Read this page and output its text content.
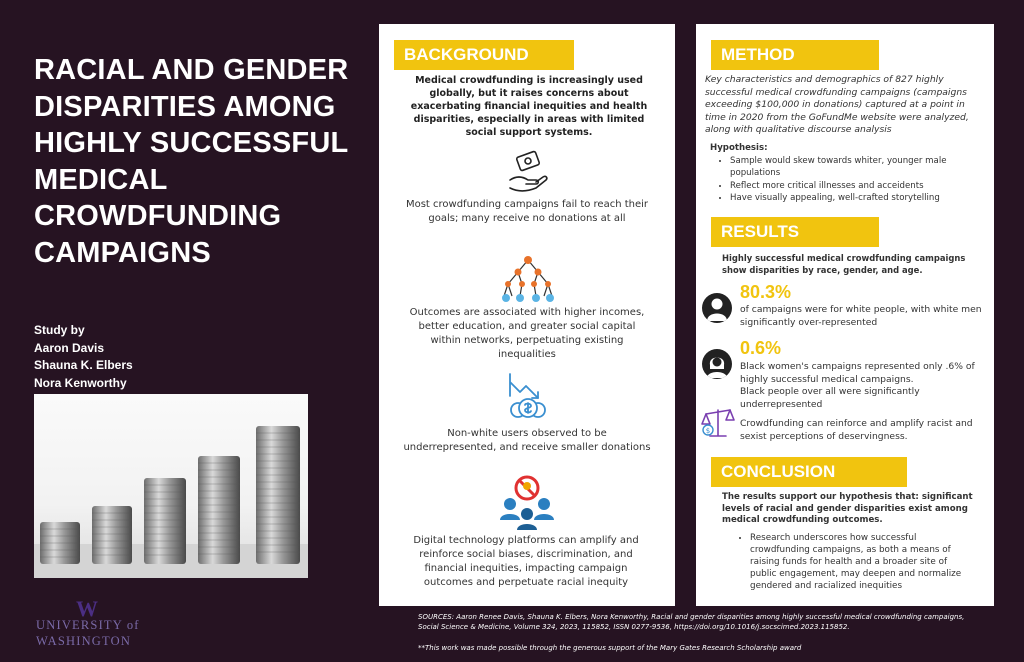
RACIAL AND GENDER DISPARITIES AMONG HIGHLY SUCCESSFUL MEDICAL CROWDFUNDING CAMPAIGNS
Study by
Aaron Davis
Shauna K. Elbers
Nora Kenworthy
W
UNIVERSITY of
WASHINGTON
BACKGROUND
Medical crowdfunding is increasingly used globally, but it raises concerns about exacerbating financial inequities and health disparities, especially in areas with limited social support systems.
Most crowdfunding campaigns fail to reach their goals; many receive no donations at all
Outcomes are associated with higher incomes, better education, and greater social capital within networks, perpetuating existing inequalities
Non-white users observed to be underrepresented, and receive smaller donations
Digital technology platforms can amplify and reinforce social biases, discrimination, and financial inequities, impacting campaign outcomes and perpetuate racial inequity
METHOD
Key characteristics and demographics of 827 highly successful medical crowdfunding campaigns (campaigns exceeding $100,000 in donations) captured at a point in time in 2020 from the GoFundMe website were analyzed, along with qualitative discourse analysis
Hypothesis:
• Sample would skew towards whiter, younger male populations
• Reflect more critical illnesses and acceidents
• Have visually appealing, well-crafted storytelling
RESULTS
Highly successful medical crowdfunding campaigns show disparities by race, gender, and age.
80.3%
of campaigns were for white people, with white men significantly over-represented
0.6%
Black women's campaigns represented only .6% of highly successful medical campaigns.
Black people over all were significantly underrepresented
$
Crowdfunding can reinforce and amplify racist and sexist perceptions of deservingness.
CONCLUSION
The results support our hypothesis that: significant levels of racial and gender disparities exist among medical crowdfunding outcomes.
• Research underscores how successful crowdfunding campaigns, as both a means of raising funds for health and a broader site of public engagement, may deepen and normalize gendered and racialized inequities
SOURCES: Aaron Renee Davis, Shauna K. Elbers, Nora Kenworthy, Racial and gender disparities among highly successful medical crowdfunding campaigns, Social Science & Medicine, Volume 324, 2023, 115852, ISSN 0277-9536, https://doi.org/10.1016/j.socscimed.2023.115852.
**This work was made possible through the generous support of the Mary Gates Research Scholarship award
